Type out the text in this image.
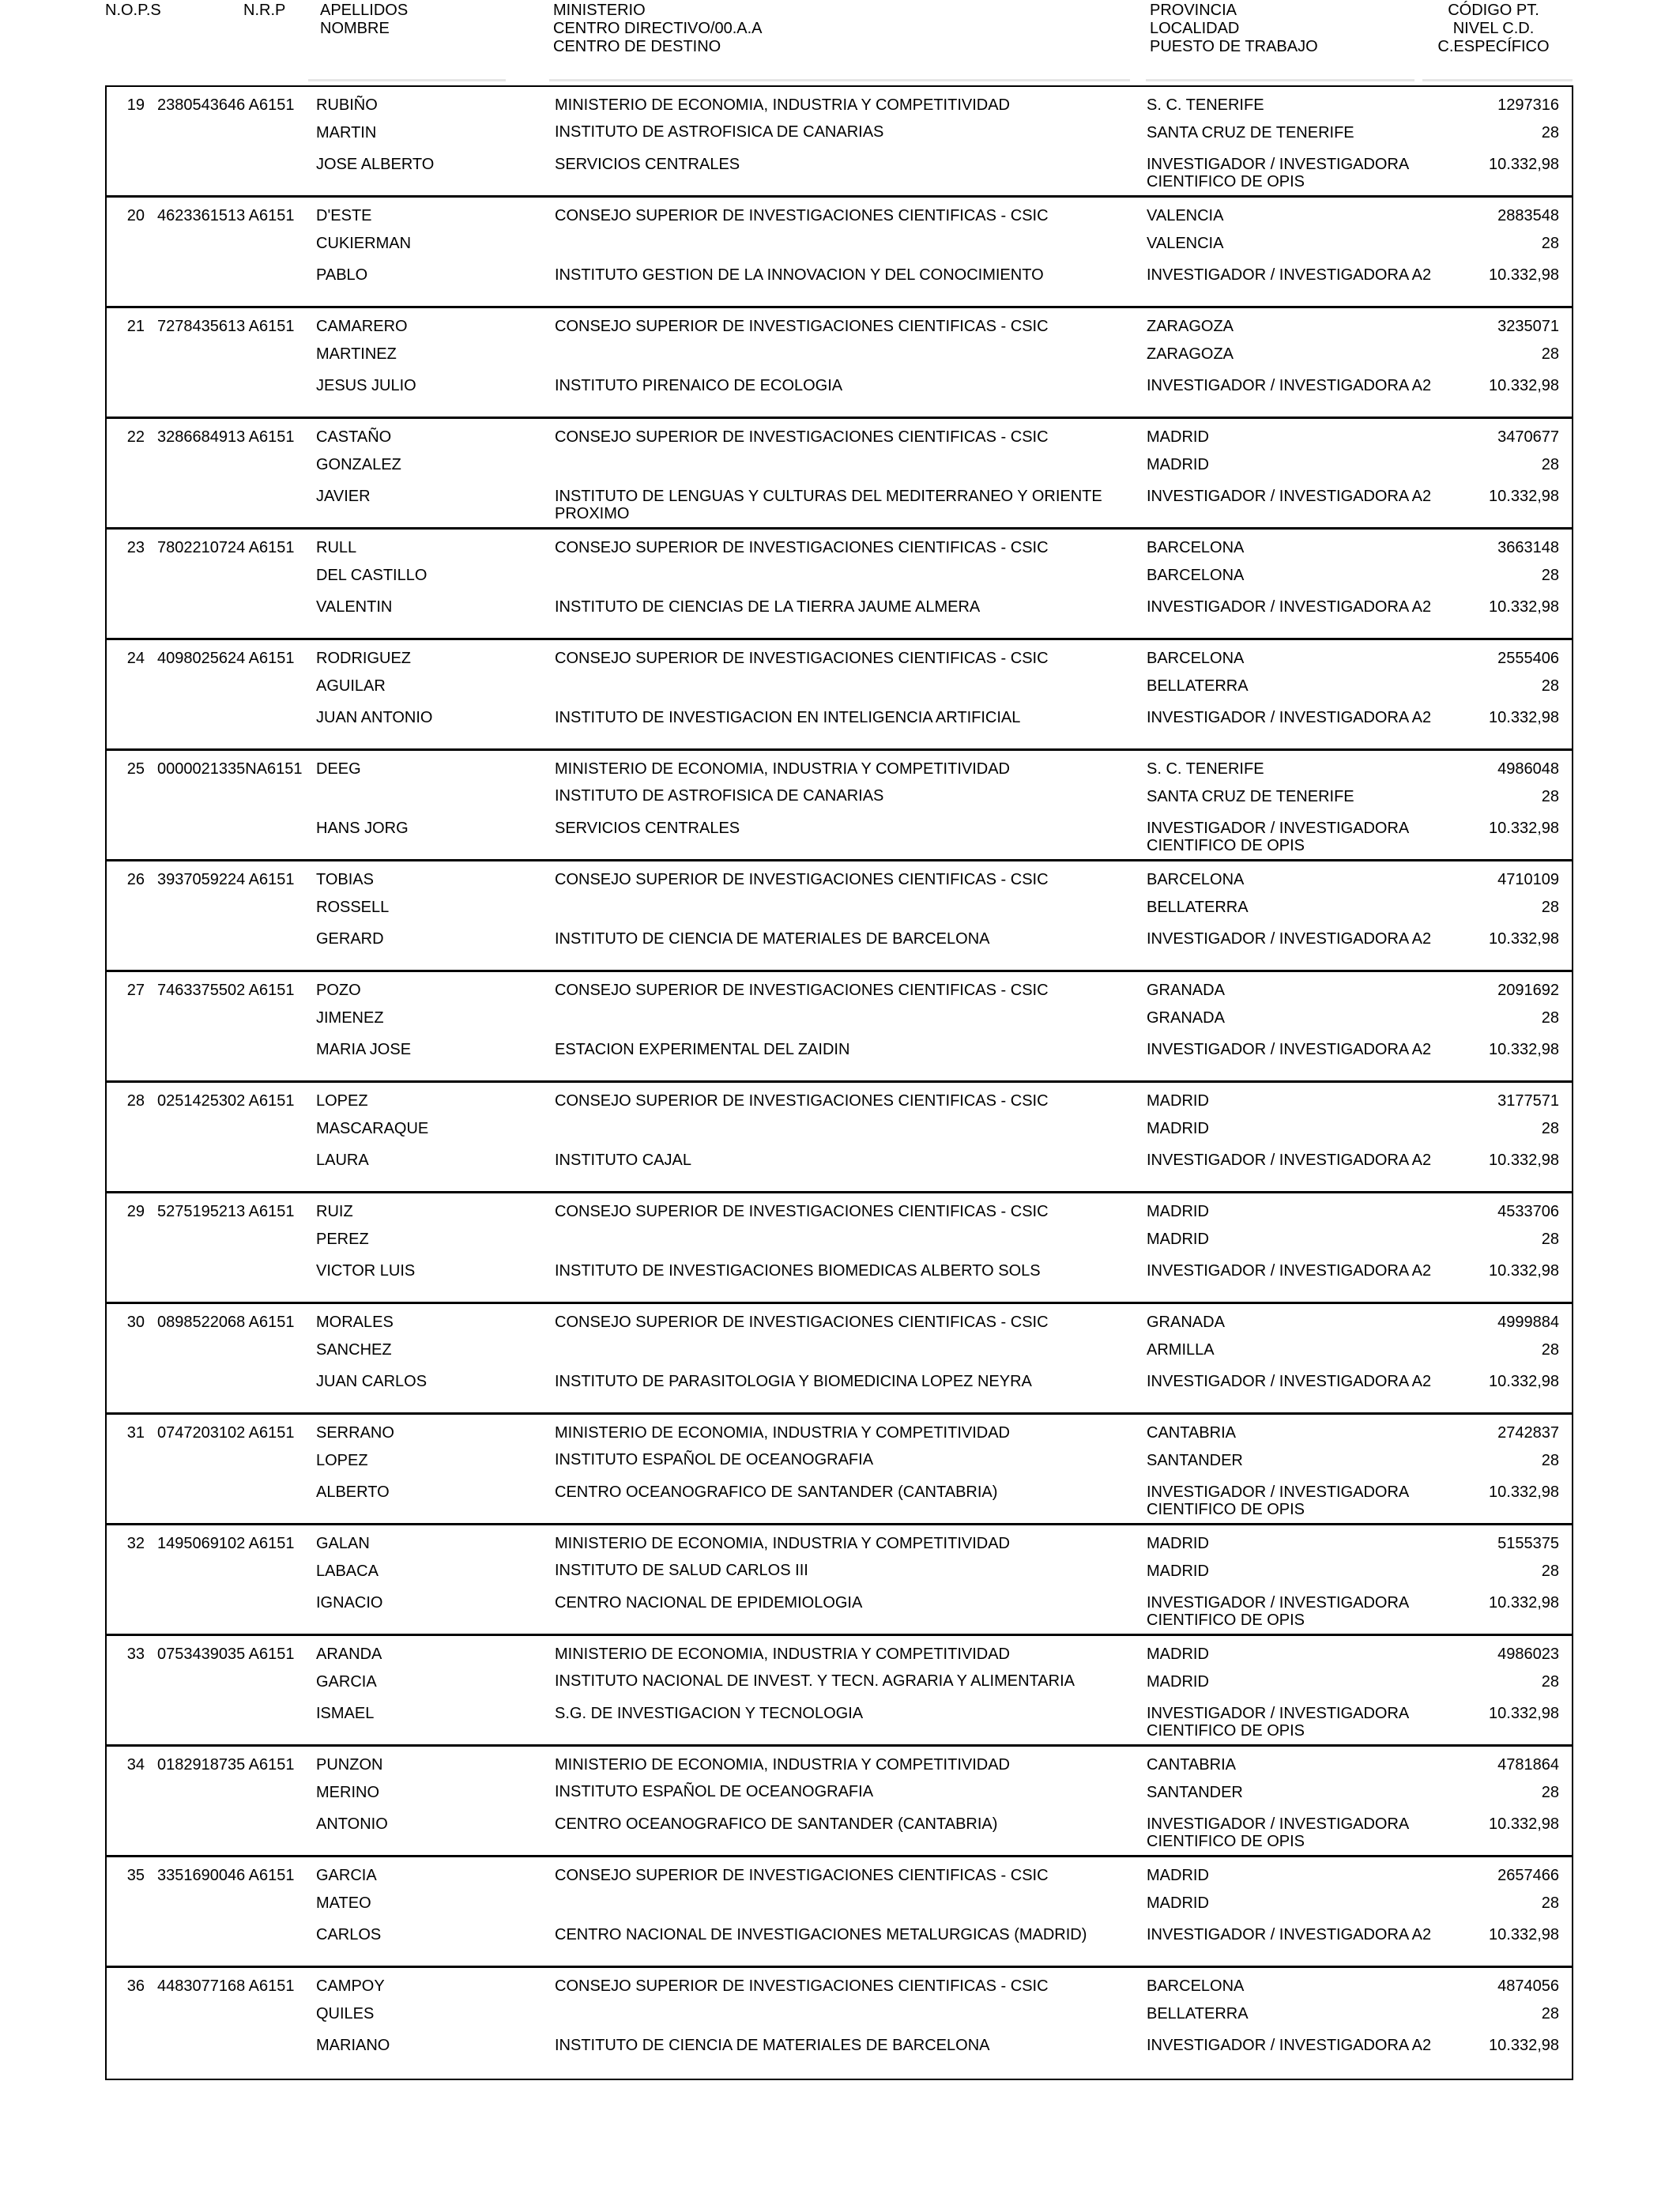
N.O.P.S	N.R.P APELLIDOS
NOMBRE
MINISTERIO
CENTRO DIRECTIVO/00.A.A
CENTRO DE DESTINO
PROVINCIA
LOCALIDAD
PUESTO DE TRABAJO
CÓDIGO PT.
NIVEL C.D.
C.ESPECÍFICO
19 2380543646 A6151 RUBIÑO
MARTIN
JOSE ALBERTO
MINISTERIO DE ECONOMIA, INDUSTRIA Y COMPETITIVIDAD
INSTITUTO DE ASTROFISICA DE CANARIAS
SERVICIOS CENTRALES
S. C. TENERIFE
SANTA CRUZ DE TENERIFE
INVESTIGADOR / INVESTIGADORA CIENTIFICO DE OPIS
1297316
28
10.332,98
20 4623361513 A6151 D'ESTE
CUKIERMAN
PABLO
CONSEJO SUPERIOR DE INVESTIGACIONES CIENTIFICAS - CSIC
INSTITUTO GESTION DE LA INNOVACION Y DEL CONOCIMIENTO
VALENCIA
VALENCIA
INVESTIGADOR / INVESTIGADORA A2
2883548
28
10.332,98
21 7278435613 A6151 CAMARERO
MARTINEZ
JESUS JULIO
CONSEJO SUPERIOR DE INVESTIGACIONES CIENTIFICAS - CSIC
INSTITUTO PIRENAICO DE ECOLOGIA
ZARAGOZA
ZARAGOZA
INVESTIGADOR / INVESTIGADORA A2
3235071
28
10.332,98
22 3286684913 A6151 CASTAÑO
GONZALEZ
JAVIER
CONSEJO SUPERIOR DE INVESTIGACIONES CIENTIFICAS - CSIC
INSTITUTO DE LENGUAS Y CULTURAS DEL MEDITERRANEO Y ORIENTE PROXIMO
MADRID
MADRID
INVESTIGADOR / INVESTIGADORA A2
3470677
28
10.332,98
23 7802210724 A6151 RULL
DEL CASTILLO
VALENTIN
CONSEJO SUPERIOR DE INVESTIGACIONES CIENTIFICAS - CSIC
INSTITUTO DE CIENCIAS DE LA TIERRA JAUME ALMERA
BARCELONA
BARCELONA
INVESTIGADOR / INVESTIGADORA A2
3663148
28
10.332,98
24 4098025624 A6151 RODRIGUEZ
AGUILAR
JUAN ANTONIO
CONSEJO SUPERIOR DE INVESTIGACIONES CIENTIFICAS - CSIC
INSTITUTO DE INVESTIGACION EN INTELIGENCIA ARTIFICIAL
BARCELONA
BELLATERRA
INVESTIGADOR / INVESTIGADORA A2
2555406
28
10.332,98
25 0000021335NA6151 DEEG
HANS JORG
MINISTERIO DE ECONOMIA, INDUSTRIA Y COMPETITIVIDAD
INSTITUTO DE ASTROFISICA DE CANARIAS
SERVICIOS CENTRALES
S. C. TENERIFE
SANTA CRUZ DE TENERIFE
INVESTIGADOR / INVESTIGADORA CIENTIFICO DE OPIS
4986048
28
10.332,98
26 3937059224 A6151 TOBIAS
ROSSELL
GERARD
CONSEJO SUPERIOR DE INVESTIGACIONES CIENTIFICAS - CSIC
INSTITUTO DE CIENCIA DE MATERIALES DE BARCELONA
BARCELONA
BELLATERRA
INVESTIGADOR / INVESTIGADORA A2
4710109
28
10.332,98
27 7463375502 A6151 POZO
JIMENEZ
MARIA JOSE
CONSEJO SUPERIOR DE INVESTIGACIONES CIENTIFICAS - CSIC
ESTACION EXPERIMENTAL DEL ZAIDIN
GRANADA
GRANADA
INVESTIGADOR / INVESTIGADORA A2
2091692
28
10.332,98
28 0251425302 A6151 LOPEZ
MASCARAQUE
LAURA
CONSEJO SUPERIOR DE INVESTIGACIONES CIENTIFICAS - CSIC
INSTITUTO CAJAL
MADRID
MADRID
INVESTIGADOR / INVESTIGADORA A2
3177571
28
10.332,98
29 5275195213 A6151 RUIZ
PEREZ
VICTOR LUIS
CONSEJO SUPERIOR DE INVESTIGACIONES CIENTIFICAS - CSIC
INSTITUTO DE INVESTIGACIONES BIOMEDICAS ALBERTO SOLS
MADRID
MADRID
INVESTIGADOR / INVESTIGADORA A2
4533706
28
10.332,98
30 0898522068 A6151 MORALES
SANCHEZ
JUAN CARLOS
CONSEJO SUPERIOR DE INVESTIGACIONES CIENTIFICAS - CSIC
INSTITUTO DE PARASITOLOGIA Y BIOMEDICINA LOPEZ NEYRA
GRANADA
ARMILLA
INVESTIGADOR / INVESTIGADORA A2
4999884
28
10.332,98
31 0747203102 A6151 SERRANO
LOPEZ
ALBERTO
MINISTERIO DE ECONOMIA, INDUSTRIA Y COMPETITIVIDAD
INSTITUTO ESPAÑOL DE OCEANOGRAFIA
CENTRO OCEANOGRAFICO DE SANTANDER (CANTABRIA)
CANTABRIA
SANTANDER
INVESTIGADOR / INVESTIGADORA CIENTIFICO DE OPIS
2742837
28
10.332,98
32 1495069102 A6151 GALAN
LABACA
IGNACIO
MINISTERIO DE ECONOMIA, INDUSTRIA Y COMPETITIVIDAD
INSTITUTO DE SALUD CARLOS III
CENTRO NACIONAL DE EPIDEMIOLOGIA
MADRID
MADRID
INVESTIGADOR / INVESTIGADORA CIENTIFICO DE OPIS
5155375
28
10.332,98
33 0753439035 A6151 ARANDA
GARCIA
ISMAEL
MINISTERIO DE ECONOMIA, INDUSTRIA Y COMPETITIVIDAD
INSTITUTO NACIONAL DE INVEST. Y TECN. AGRARIA Y ALIMENTARIA
S.G. DE INVESTIGACION Y TECNOLOGIA
MADRID
MADRID
INVESTIGADOR / INVESTIGADORA CIENTIFICO DE OPIS
4986023
28
10.332,98
34 0182918735 A6151 PUNZON
MERINO
ANTONIO
MINISTERIO DE ECONOMIA, INDUSTRIA Y COMPETITIVIDAD
INSTITUTO ESPAÑOL DE OCEANOGRAFIA
CENTRO OCEANOGRAFICO DE SANTANDER (CANTABRIA)
CANTABRIA
SANTANDER
INVESTIGADOR / INVESTIGADORA CIENTIFICO DE OPIS
4781864
28
10.332,98
35 3351690046 A6151 GARCIA
MATEO
CARLOS
CONSEJO SUPERIOR DE INVESTIGACIONES CIENTIFICAS - CSIC
CENTRO NACIONAL DE INVESTIGACIONES METALURGICAS (MADRID)
MADRID
MADRID
INVESTIGADOR / INVESTIGADORA A2
2657466
28
10.332,98
36 4483077168 A6151 CAMPOY
QUILES
MARIANO
CONSEJO SUPERIOR DE INVESTIGACIONES CIENTIFICAS - CSIC
INSTITUTO DE CIENCIA DE MATERIALES DE BARCELONA
BARCELONA
BELLATERRA
INVESTIGADOR / INVESTIGADORA A2
4874056
28
10.332,98
